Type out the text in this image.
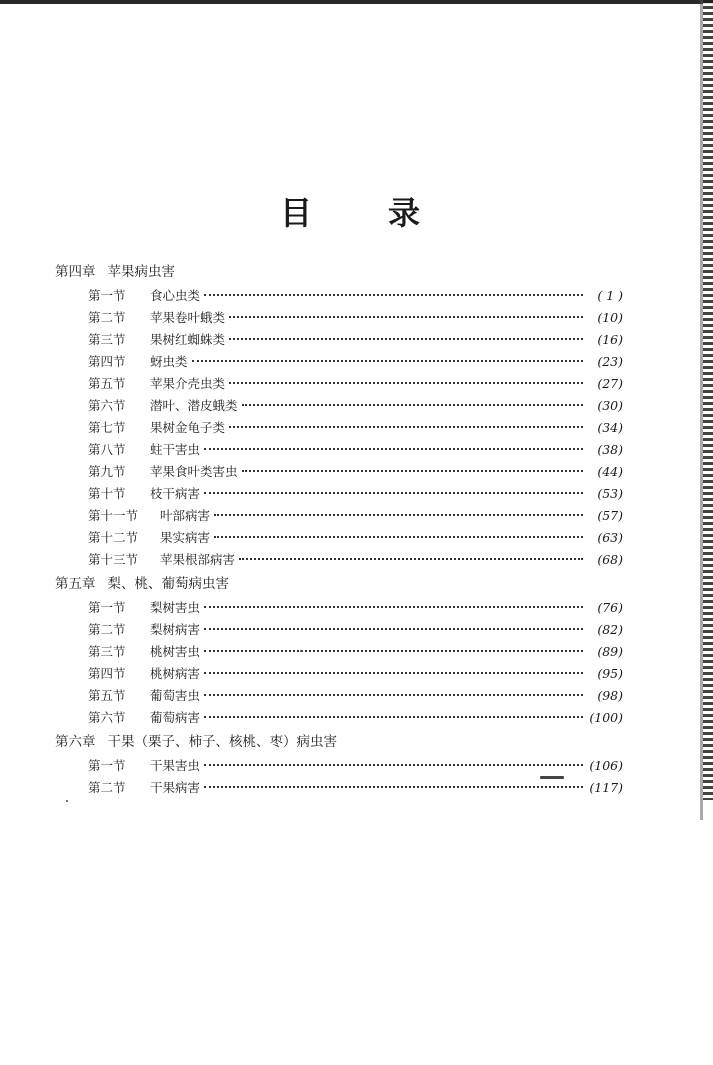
目 录
第四章 苹果病虫害
第一节	食心虫类	( 1 )
第二节	苹果卷叶蛾类	(10)
第三节	果树红蜘蛛类	(16)
第四节	蚜虫类	(23)
第五节	苹果介壳虫类	(27)
第六节	潜叶、潜皮蛾类	(30)
第七节	果树金龟子类	(34)
第八节	蛀干害虫	(38)
第九节	苹果食叶类害虫	(44)
第十节	枝干病害	(53)
第十一节	叶部病害	(57)
第十二节	果实病害	(63)
第十三节	苹果根部病害	(68)
第五章 梨、桃、葡萄病虫害
第一节	梨树害虫	(76)
第二节	梨树病害	(82)
第三节	桃树害虫	(89)
第四节	桃树病害	(95)
第五节	葡萄害虫	(98)
第六节	葡萄病害	(100)
第六章 干果（栗子、柿子、核桃、枣）病虫害
第一节	干果害虫	(106)
第二节	干果病害	(117)
